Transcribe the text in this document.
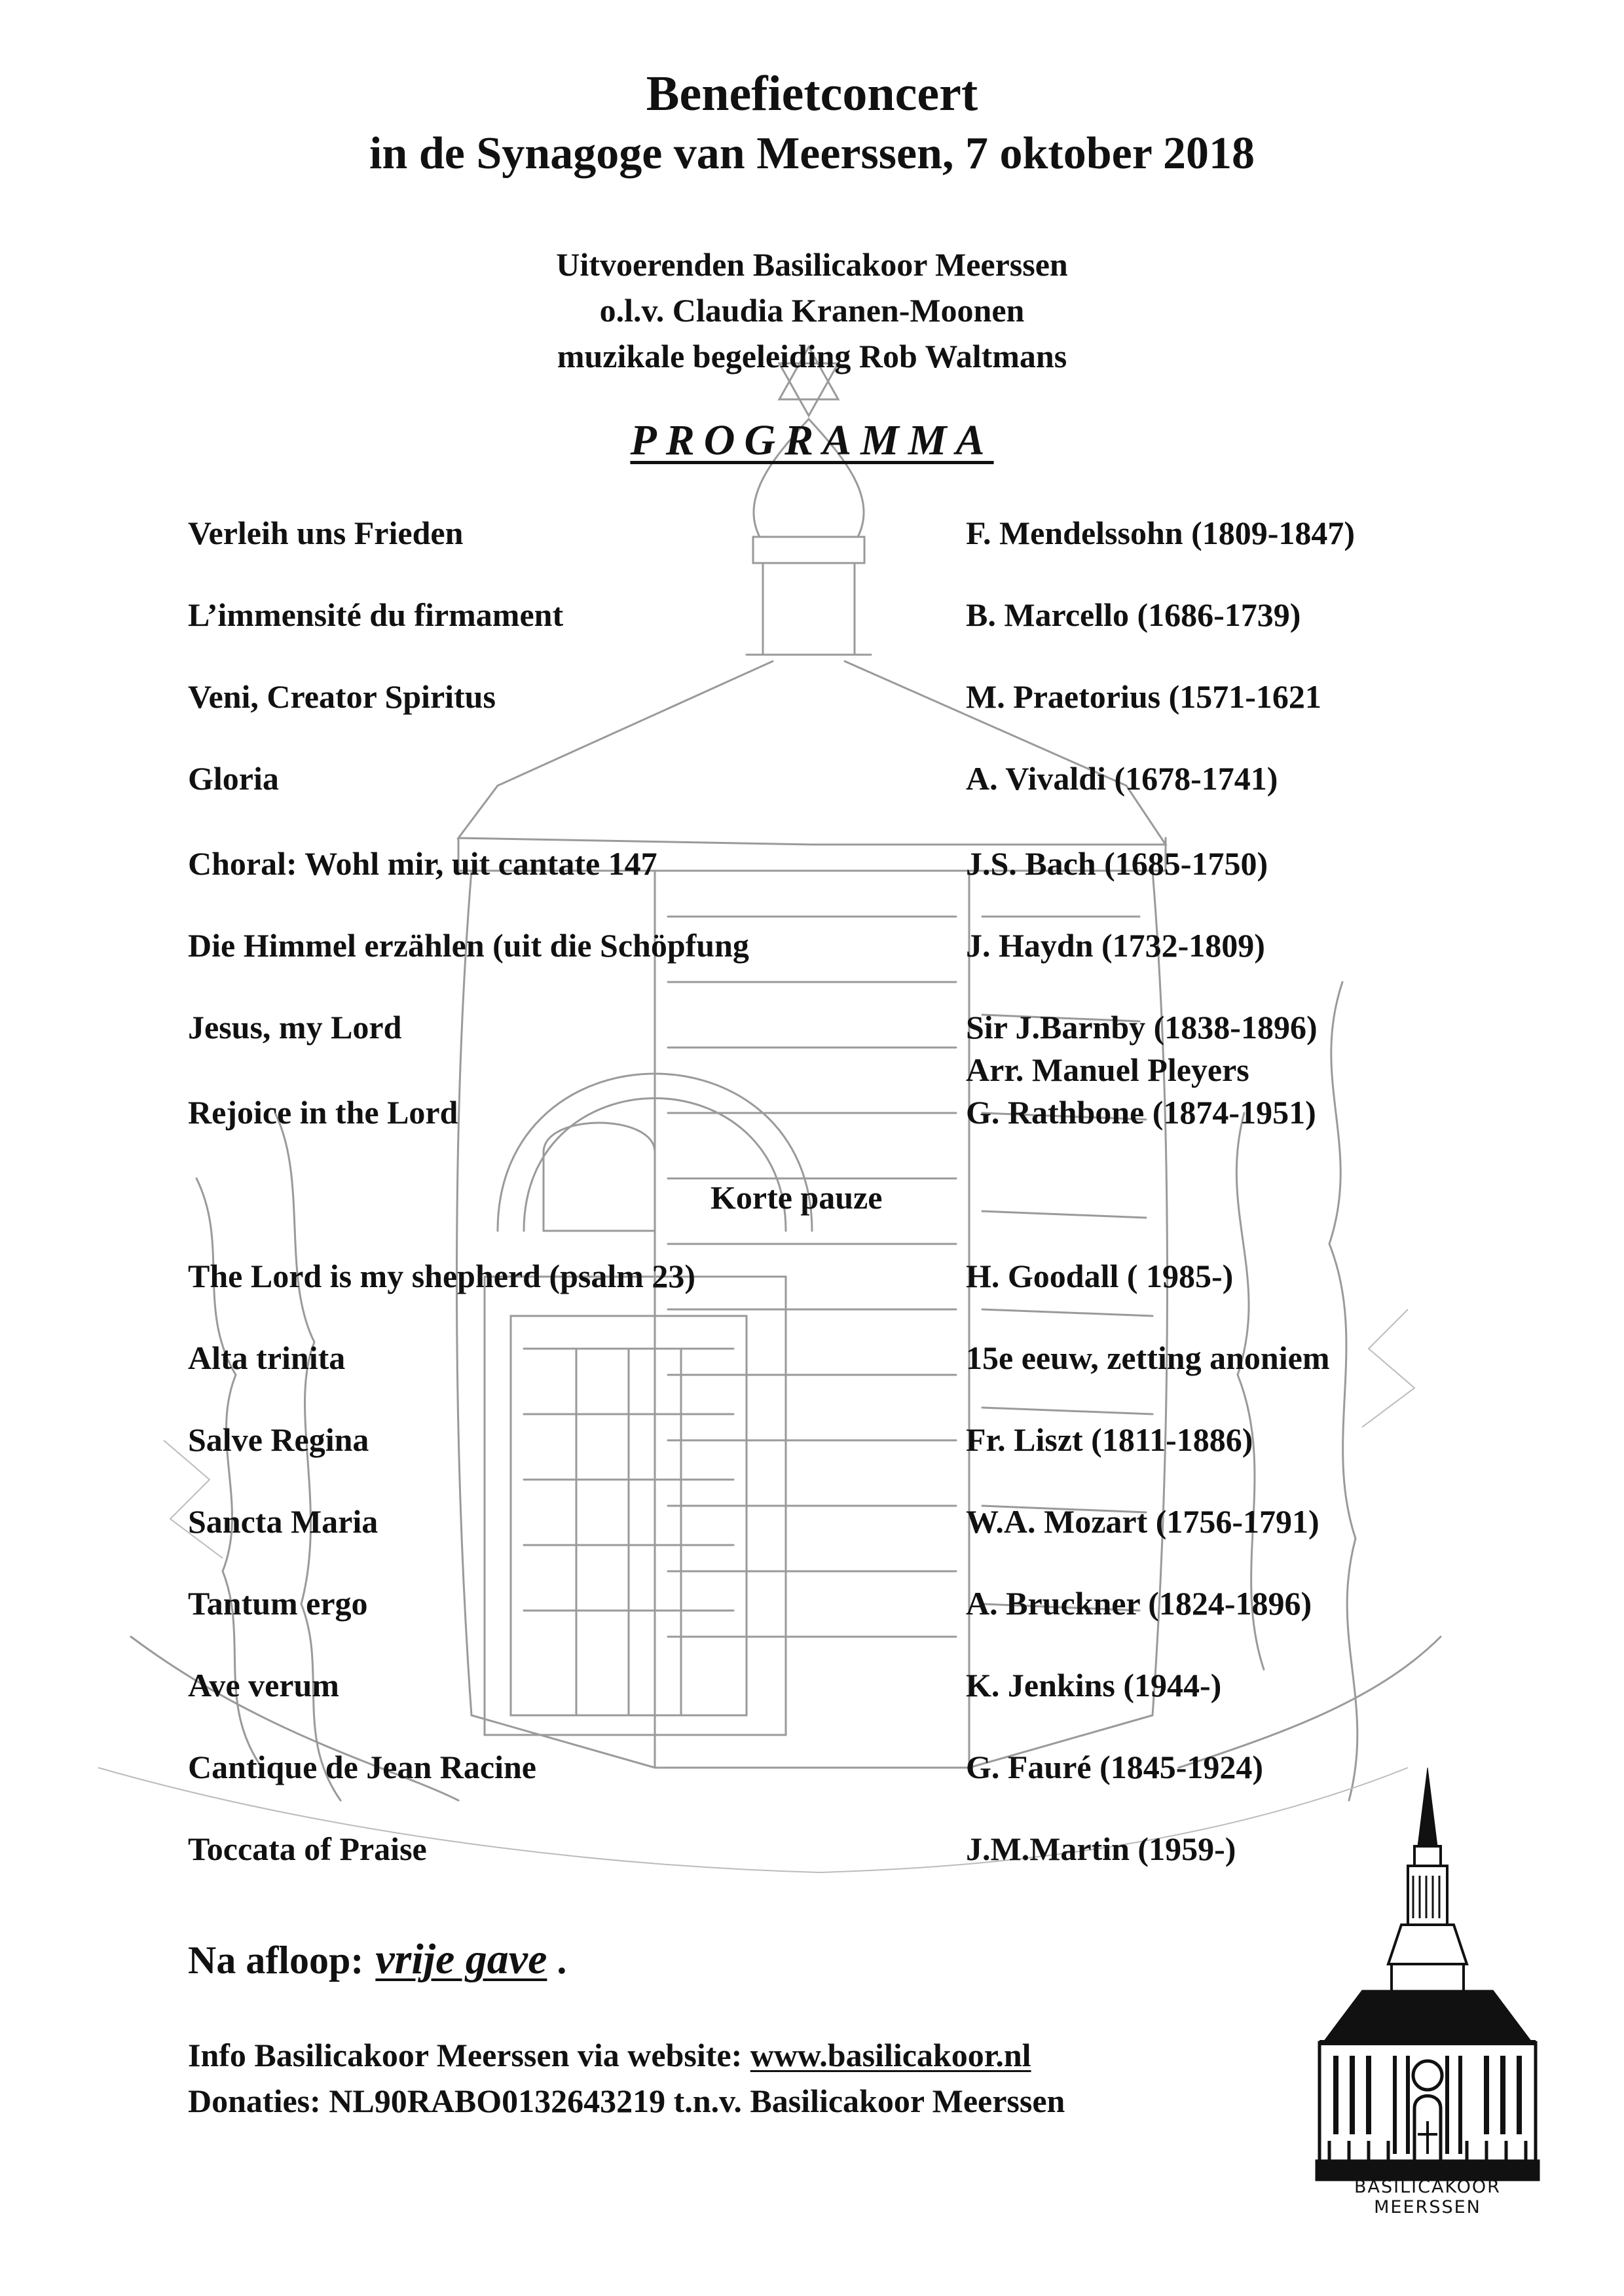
Benefietconcert
in de Synagoge van Meerssen, 7 oktober 2018
Uitvoerenden Basilicakoor Meerssen
o.l.v. Claudia Kranen-Moonen
muzikale begeleiding Rob Waltmans
PROGRAMMA
Verleih uns Frieden	F. Mendelssohn (1809-1847)
L’immensité du firmament	B. Marcello (1686-1739)
Veni, Creator Spiritus	M. Praetorius (1571-1621
Gloria	A. Vivaldi (1678-1741)
Choral: Wohl mir, uit cantate 147	J.S. Bach (1685-1750)
Die Himmel erzählen (uit die Schöpfung	J. Haydn (1732-1809)
Jesus, my Lord	Sir J.Barnby (1838-1896)
Arr. Manuel Pleyers
Rejoice in the Lord	G. Rathbone (1874-1951)
Korte pauze
The Lord is my shepherd (psalm 23)	H. Goodall ( 1985-)
Alta trinita	15e eeuw, zetting anoniem
Salve Regina	Fr. Liszt (1811-1886)
Sancta Maria	W.A. Mozart (1756-1791)
Tantum ergo	A. Bruckner (1824-1896)
Ave verum	K. Jenkins (1944-)
Cantique de Jean Racine	G. Fauré (1845-1924)
Toccata of Praise	J.M.Martin (1959-)
Na afloop: vrije gave .
Info Basilicakoor Meerssen via website: www.basilicakoor.nl
Donaties: NL90RABO0132643219 t.n.v. Basilicakoor Meerssen
BASILICAKOOR MEERSSEN
